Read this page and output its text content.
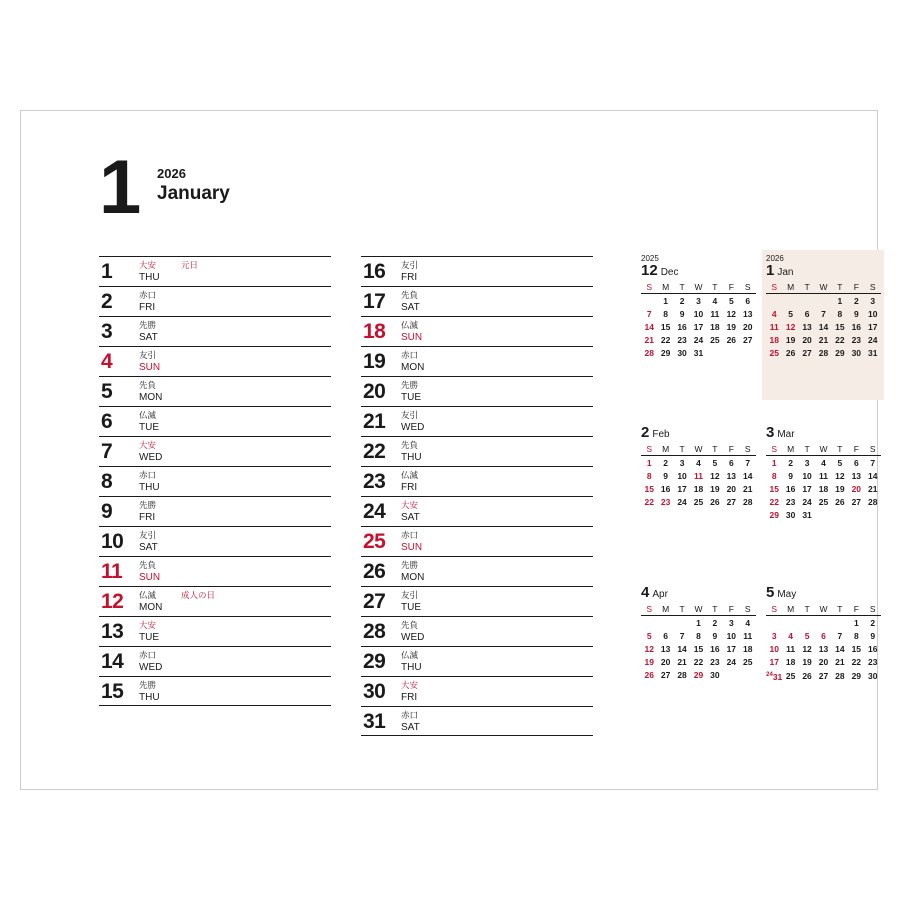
1 2026
January
1	大安
THU
元日
2	赤口
FRI
3	先勝
SAT
4	友引
SUN
5	先負
MON
6	仏滅
TUE
7	大安
WED
8	赤口
THU
9	先勝
FRI
10 友引
SAT
11 先負
SUN
12 仏滅
MON
成人の日
13 大安
TUE
14 赤口
WED
15 先勝
THU
16 友引
FRI
17 先負
SAT
18 仏滅
SUN
19 赤口
MON
20 先勝
TUE
21 友引
WED
22 先負
THU
23 仏滅
FRI
24 大安
SAT
25 赤口
SUN
26 先勝
MON
27 友引
TUE
28 先負
WED
29 仏滅
THU
30 大安
FRI
31 赤口
SAT
2025
12 Dec
S	M	T	W	T	F	S
	1	2	3	4	5	6
7	8	9	10	11	12	13
14	15	16	17	18	19	20
21	22	23	24	25	26	27
28	29	30	31			
2026
1 Jan
S	M	T	W	T	F	S
				1	2	3
4	5	6	7	8	9	10
11	12	13	14	15	16	17
18	19	20	21	22	23	24
25	26	27	28	29	30	31

2 Feb
S	M	T	W	T	F	S
1	2	3	4	5	6	7
8	9	10	11	12	13	14
15	16	17	18	19	20	21
22	23	24	25	26	27	28

3 Mar
S	M	T	W	T	F	S
1	2	3	4	5	6	7
8	9	10	11	12	13	14
15	16	17	18	19	20	21
22	23	24	25	26	27	28
29	30	31				

4 Apr
S	M	T	W	T	F	S
			1	2	3	4
5	6	7	8	9	10	11
12	13	14	15	16	17	18
19	20	21	22	23	24	25
26	27	28	29	30		

5 May
S	M	T	W	T	F	S
					1	2
3	4	5	6	7	8	9
10	11	12	13	14	15	16
17	18	19	20	21	22	23
$^{24}$31	25	26	27	28	29	30
